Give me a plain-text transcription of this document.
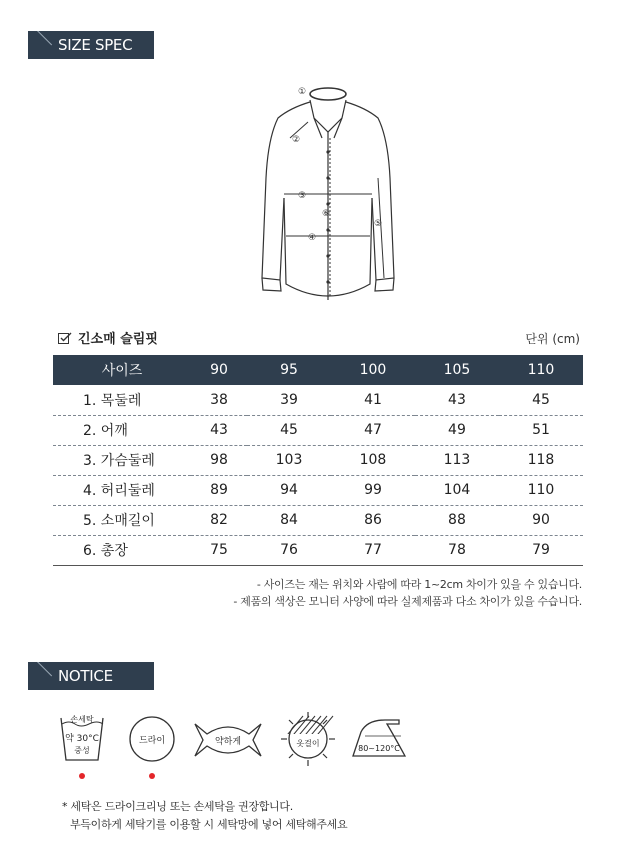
SIZE SPEC
①
②
③
④
⑤
⑥
긴소매 슬림핏	단위 (cm)
사이즈	90	95	100	105	110
1. 목둘레	38	39	41	43	45
2. 어깨	43	45	47	49	51
3. 가슴둘레	98	103	108	113	118
4. 허리둘레	89	94	99	104	110
5. 소매길이	82	84	86	88	90
6. 총장	75	76	77	78	79
- 사이즈는 재는 위치와 사람에 따라 1~2cm 차이가 있을 수 있습니다.
- 제품의 색상은 모니터 사양에 따라 실제제품과 다소 차이가 있을 수습니다.
NOTICE
손세탁
약 30°C
중성
드라이	약하게	옷걸이
80~120°C
* 세탁은 드라이크리닝 또는 손세탁을 권장합니다.
부득이하게 세탁기를 이용할 시 세탁망에 넣어 세탁해주세요
